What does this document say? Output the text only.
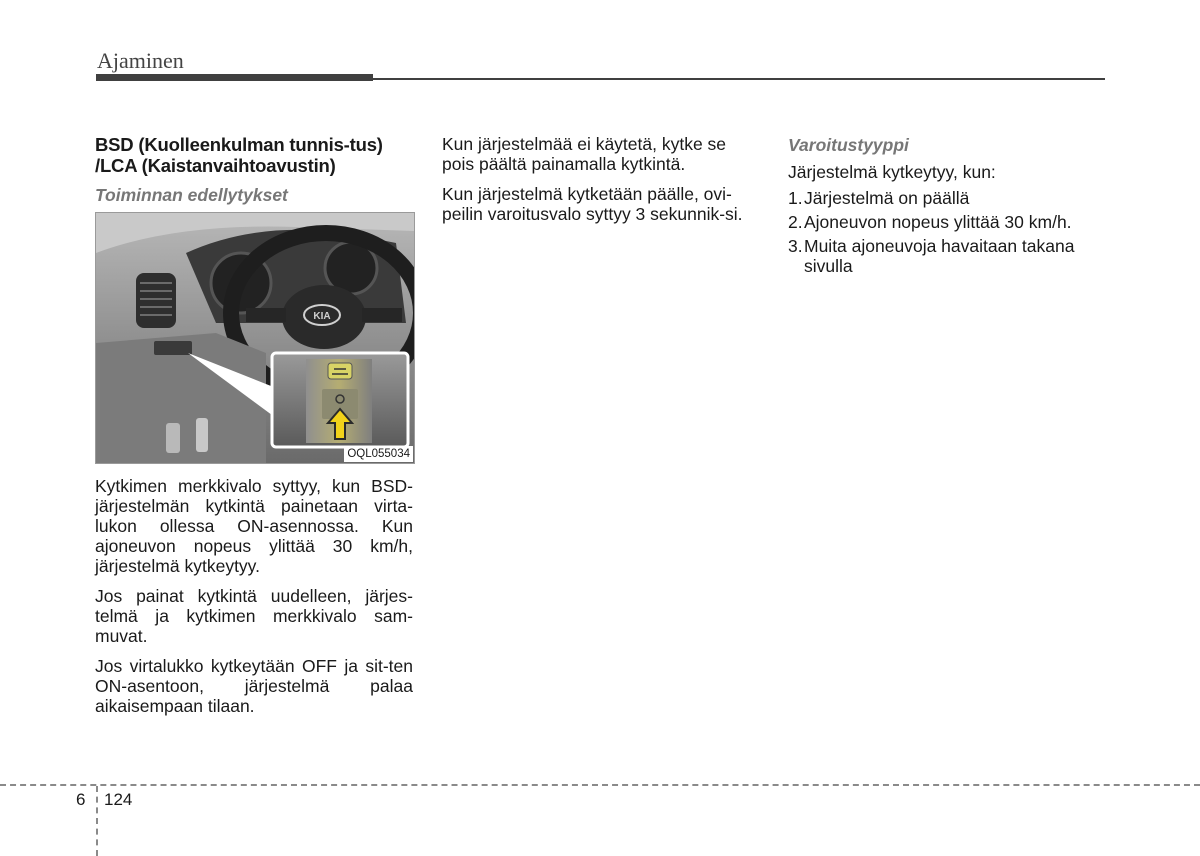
Ajaminen
BSD (Kuolleenkulman tunnis-tus) /LCA (Kaistanvaihtoavustin)
Toiminnan edellytykset
KIA
OQL055034

Kytkimen merkkivalo syttyy, kun BSD-järjestelmän kytkintä painetaan virta-lukon ollessa ON-asennossa. Kun ajoneuvon nopeus ylittää 30 km/h, järjestelmä kytkeytyy.

Jos painat kytkintä uudelleen, järjes-telmä ja kytkimen merkkivalo sam-muvat.

Jos virtalukko kytkeytään OFF ja sit-ten ON-asentoon, järjestelmä palaa aikaisempaan tilaan.

Kun järjestelmää ei käytetä, kytke se pois päältä painamalla kytkintä.

Kun järjestelmä kytketään päälle, ovi-peilin varoitusvalo syttyy 3 sekunnik-si.

Varoitustyyppi

Järjestelmä kytkeytyy, kun:

1. Järjestelmä on päällä
2. Ajoneuvon nopeus ylittää 30 km/h.
3. Muita ajoneuvoja havaitaan takana sivulla
6 124
